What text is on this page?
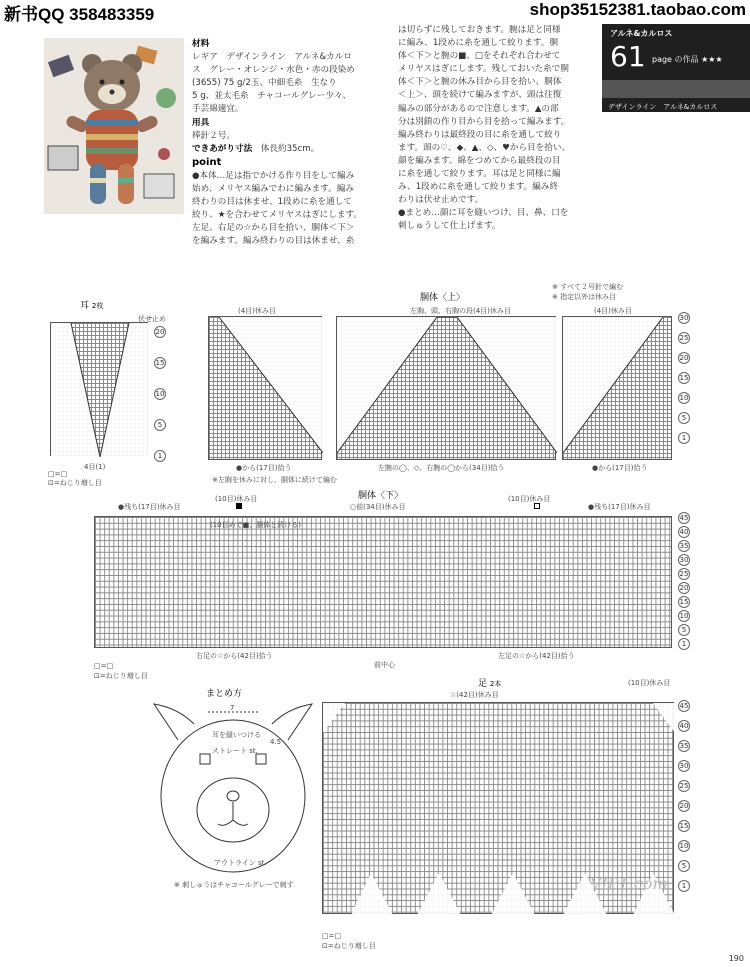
新书QQ 358483359	shop35152381.taobao.com
材料
レギア　デザインライン　アルネ&カルロ
ス　グレー・オレンジ・水色・赤の段染め
(3655) 75 g/2玉、中細毛糸　生なり
5 g、並太毛糸　チャコールグレー少々、
手芸綿適宜。
用具
棒針２号。
できあがり寸法　 体長約35cm。
point
●本体…足は指でかける作り目をして編み
始め、メリヤス編みでわに編みます。編み
終わりの目は休ませ、1段めに糸を通して
絞り、★を合わせてメリヤスはぎにします。
左足、右足の☆から目を拾い、胴体＜下＞
を編みます。編み終わりの目は休ませ、糸
は切らずに残しておきます。腕は足と同様
に編み、1段めに糸を通して絞ります。胴
体＜下＞と腕の■、□をそれぞれ合わせて
メリヤスはぎにします。残しておいた糸で胴
体＜下＞と腕の休み目から目を拾い、胴体
＜上＞、頭を続けて編みますが、頭は往復
編みの部分があるので注意します。▲の部
分は別鎖の作り目から目を拾って編みます。
編み終わりは最終段の目に糸を通して絞り
ます。頭の♡、◆、▲、◇、♥から目を拾い、
顔を編みます。綿をつめてから最終段の目
に糸を通して絞ります。耳は足と同様に編
み、1段めに糸を通して絞ります。編み終
わりは伏せ止めです。
●まとめ…顔に耳を縫いつけ、目、鼻、口を
刺しゅうして仕上げます。
アルネ&カルロス
61 page の作品 ★★★
デザインライン　アルネ&カルロス
耳 2枚
伏せ止め
4目(1)
□=□
⊡=ねじり増し目
20
15
10
5
1
胴体〈上〉
※ すべて２号針で編む
※ 指定以外は休み目
(4目)休み目
●から(17目)拾う
左胸、頭、右胸の段(4目)休み目
左腕の◯、◇、右腕の◯から(34目)拾う
(4目)休み目
●から(17目)拾う
※左胸を休みに対し、胴体に続けて編む
30
25
20
15
10
5
1
胴体〈下〉
●残ち(17目)休み目
(10目)休み目
○前(34目)休み目
(10目)休み目
●残ち(17目)休み目
(10目めで■、胴体と続ける)
右足の☆から(42目)拾う
前中心
左足の☆から(42目)拾う
□=□
⊡=ねじり増し目
45
40
35
30
25
20
15
10
5
1
まとめ方
7
4.5
耳を縫いつける
ストレート st.
アウトライン st.
※ 刺しゅうはチャコールグレーで刺す
足 2本
☆(42目)休み目
(10目)休み目
□=□
⊡=ねじり増し目
45
40
35
30
25
20
15
10
5
1
VIP1.com
190
